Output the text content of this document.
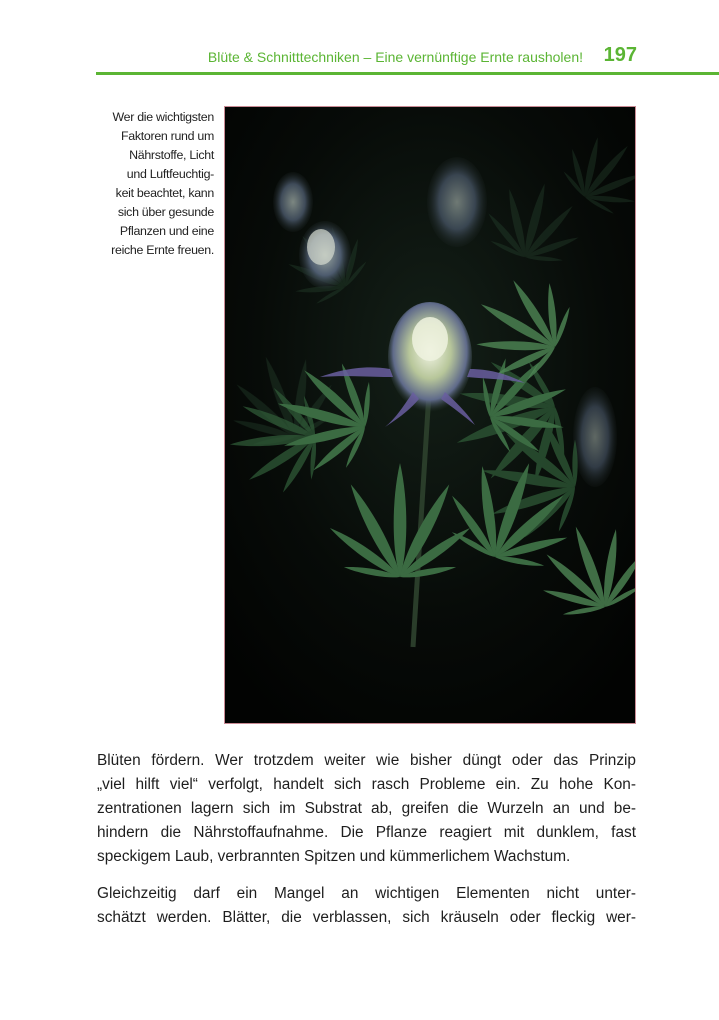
Blüte & Schnitttechniken – Eine vernünftige Ernte rausholen! 197
Wer die wichtigsten
Faktoren rund um
Nährstoffe, Licht
und Luftfeuchtig-
keit beachtet, kann
sich über gesunde
Pflanzen und eine
reiche Ernte freuen.
Blüten fördern. Wer trotzdem weiter wie bisher düngt oder das Prinzip
„viel hilft viel“ verfolgt, handelt sich rasch Probleme ein. Zu hohe Kon-
zentrationen lagern sich im Substrat ab, greifen die Wurzeln an und be-
hindern die Nährstoffaufnahme. Die Pflanze reagiert mit dunklem, fast
speckigem Laub, verbrannten Spitzen und kümmerlichem Wachstum.
Gleichzeitig darf ein Mangel an wichtigen Elementen nicht unter-
schätzt werden. Blätter, die verblassen, sich kräuseln oder fleckig wer-
